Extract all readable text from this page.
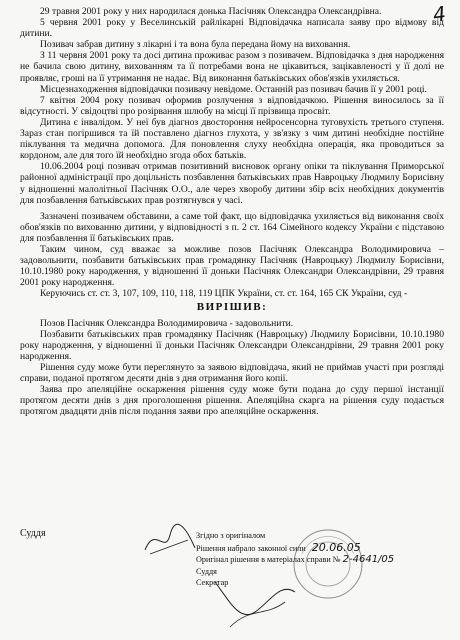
4

29 травня 2001 року у них народилася донька Пасічняк Олександра Олександрівна.

5 червня 2001 року у Веселинській райлікарні Відповідачка написала заяву про відмову від дитини.

Позивач забрав дитину з лікарні і та вона була передана йому на виховання.

З 11 червня 2001 року та досі дитина проживає разом з позивачем. Відповідачка з дня народження не бачила свою дитину, вихованням та її потребами вона не цікавиться, зацікавленості у її долі не проявляє, гроші на її утримання не надає. Від виконання батьківських обов'язків ухиляється.

Місцезнаходження відповідачки позивачу невідоме. Останній раз позивач бачив її у 2001 році.

7 квітня 2004 року позивач оформив розлучення з відповідачкою. Рішення виносилось за її відсутності. У свідоцтві про розірвання шлюбу на місці її прізвища просвіт.

Дитина є інвалідом. У неї був діагноз двостороння нейросенсорна туговухість третього ступеня. Зараз стан погіршився та їй поставлено діагноз глухота, у зв'язку з чим дитині необхідне постійне піклування та медична допомога. Для поновлення слуху необхідна операція, яка проводиться за кордоном, але для того їй необхідно згода обох батьків.

10.06.2004 році позивач отримав позитивний висновок органу опіки та піклування Приморської районної адміністрації про доцільність позбавлення батьківських прав Навроцьку Людмилу Борисівну у відношенні малолітньої Пасічняк О.О., але через хворобу дитини збір всіх необхідних документів для позбавлення батьківських прав розтягнувся у часі.

Зазначені позивачем обставини, а саме той факт, що відповідачка ухиляється від виконання своїх обов'язків по вихованню дитини, у відповідності з п. 2 ст. 164 Сімейного кодексу України є підставою для позбавлення її батьківських прав.

Таким чином, суд вважає за можливе позов Пасічняк Олександра Володимировича – задовольнити, позбавити батьківських прав громадянку Пасічняк (Навроцьку) Людмилу Борисівни, 10.10.1980 року народження, у відношенні її доньки Пасічняк Олександри Олександрівни, 29 травня 2001 року народження.

Керуючись ст. ст. 3, 107, 109, 110, 118, 119 ЦПК України, ст. ст. 164, 165 СК України, суд -

ВИРІШИВ:

Позов Пасічняк Олександра Володимировича - задовольнити.

Позбавити батьківських прав громадянку Пасічняк (Навроцьку) Людмилу Борисівни, 10.10.1980 року народження, у відношенні її доньки Пасічняк Олександри Олександрівни, 29 травня 2001 року народження.

Рішення суду може бути переглянуто за заявою відповідача, який не приймав участі при розгляді справи, поданої протягом десяти днів з дня отримання його копії.

Заява про апеляційне оскарження рішення суду може бути подана до суду першої інстанції протягом десяти днів з дня проголошення рішення. Апеляційна скарга на рішення суду подається протягом двадцяти днів після подання заяви про апеляційне оскарження.

Суддя	Згідно з оригіналом
Рішення набрало законної сили 20.06.05
Оригінал рішення в матеріалах справи № 2-4641/05
Суддя
Секретар
